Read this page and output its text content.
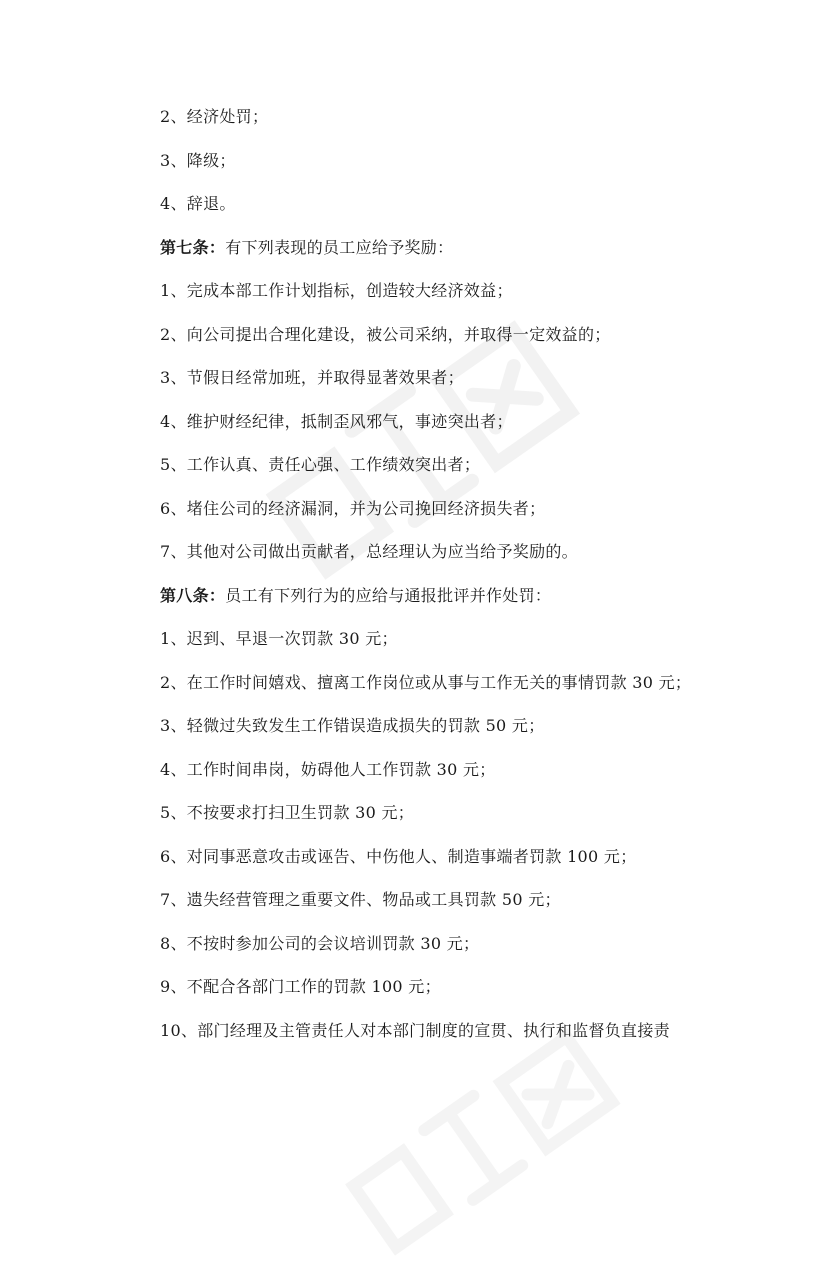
2、经济处罚；
3、降级；
4、辞退。
第七条：有下列表现的员工应给予奖励：
1、完成本部工作计划指标，创造较大经济效益；
2、向公司提出合理化建设，被公司采纳，并取得一定效益的；
3、节假日经常加班，并取得显著效果者；
4、维护财经纪律，抵制歪风邪气，事迹突出者；
5、工作认真、责任心强、工作绩效突出者；
6、堵住公司的经济漏洞，并为公司挽回经济损失者；
7、其他对公司做出贡献者，总经理认为应当给予奖励的。
第八条：员工有下列行为的应给与通报批评并作处罚：
1、迟到、早退一次罚款 30 元；
2、在工作时间嬉戏、擅离工作岗位或从事与工作无关的事情罚款 30 元；
3、轻微过失致发生工作错误造成损失的罚款 50 元；
4、工作时间串岗，妨碍他人工作罚款 30 元；
5、不按要求打扫卫生罚款 30 元；
6、对同事恶意攻击或诬告、中伤他人、制造事端者罚款 100 元；
7、遗失经营管理之重要文件、物品或工具罚款 50 元；
8、不按时参加公司的会议培训罚款 30 元；
9、不配合各部门工作的罚款 100 元；
10、部门经理及主管责任人对本部门制度的宣贯、执行和监督负直接责
